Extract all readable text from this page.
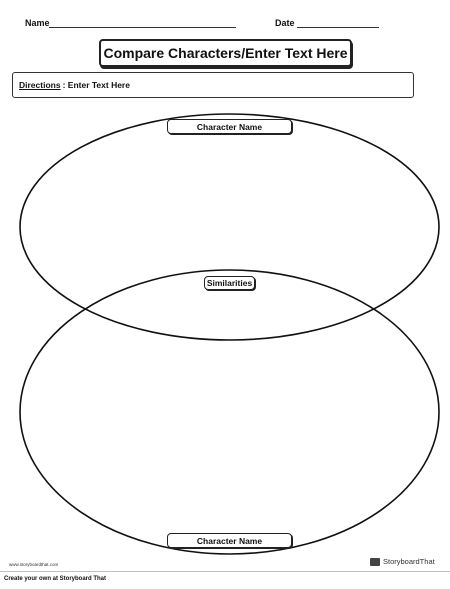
Name	Date
Compare Characters/Enter Text Here
Directions : Enter Text Here
Character Name
Similarities
Character Name
www.storyboardthat.com	StoryboardThat
Create your own at Storyboard That
